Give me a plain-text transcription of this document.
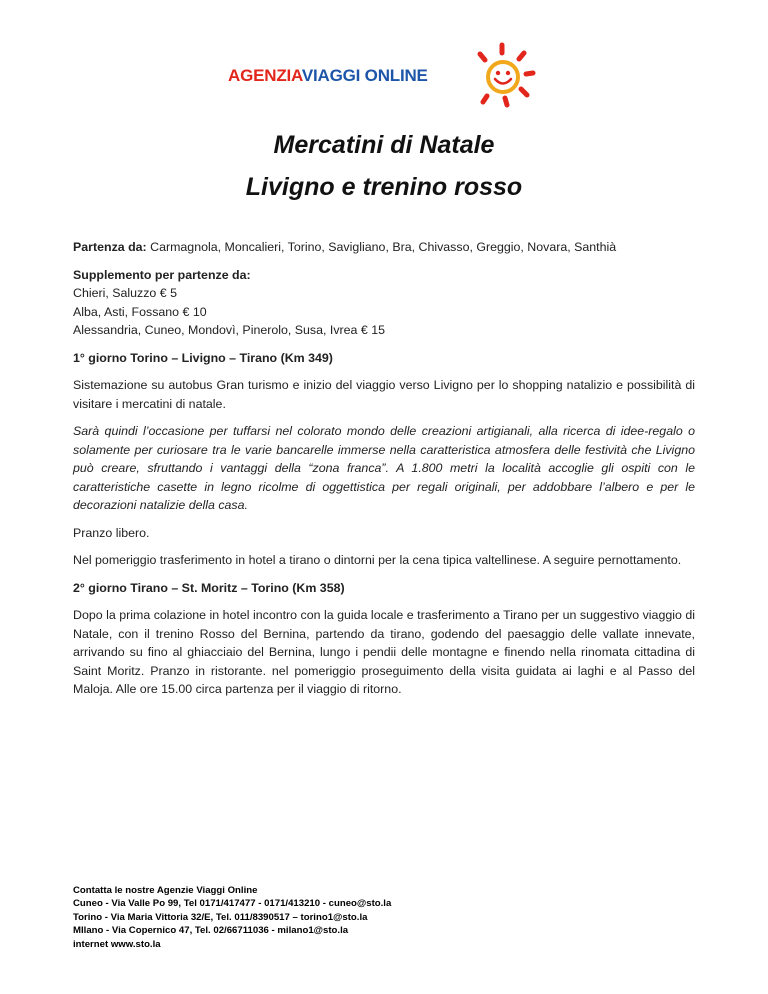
AGENZIAVIAGGI ONLINE
Mercatini di Natale
Livigno e trenino rosso

Partenza da: Carmagnola, Moncalieri, Torino, Savigliano, Bra, Chivasso, Greggio, Novara, Santhià

Supplemento per partenze da:
Chieri, Saluzzo € 5
Alba, Asti, Fossano € 10
Alessandria, Cuneo, Mondovì, Pinerolo, Susa, Ivrea € 15

1° giorno Torino – Livigno – Tirano (Km 349)

Sistemazione su autobus Gran turismo e inizio del viaggio verso Livigno per lo shopping natalizio e possibilità di visitare i mercatini di natale.

Sarà quindi l’occasione per tuffarsi nel colorato mondo delle creazioni artigianali, alla ricerca di idee-regalo o solamente per curiosare tra le varie bancarelle immerse nella caratteristica atmosfera delle festività che Livigno può creare, sfruttando i vantaggi della “zona franca”. A 1.800 metri la località accoglie gli ospiti con le caratteristiche casette in legno ricolme di oggettistica per regali originali, per addobbare l’albero e per le decorazioni natalizie della casa.

Pranzo libero.

Nel pomeriggio trasferimento in hotel a tirano o dintorni per la cena tipica valtellinese. A seguire pernottamento.

2° giorno Tirano – St. Moritz – Torino (Km 358)

Dopo la prima colazione in hotel incontro con la guida locale e trasferimento a Tirano per un suggestivo viaggio di Natale, con il trenino Rosso del Bernina, partendo da tirano, godendo del paesaggio delle vallate innevate, arrivando su fino al ghiacciaio del Bernina, lungo i pendii delle montagne e finendo nella rinomata cittadina di Saint Moritz. Pranzo in ristorante. nel pomeriggio proseguimento della visita guidata ai laghi e al Passo del Maloja. Alle ore 15.00 circa partenza per il viaggio di ritorno.

Contatta le nostre Agenzie Viaggi Online
Cuneo - Via Valle Po 99, Tel 0171/417477 - 0171/413210 - cuneo@sto.la
Torino - Via Maria Vittoria 32/E, Tel. 011/8390517 – torino1@sto.la
MIlano - Via Copernico 47, Tel. 02/66711036 - milano1@sto.la
internet www.sto.la
